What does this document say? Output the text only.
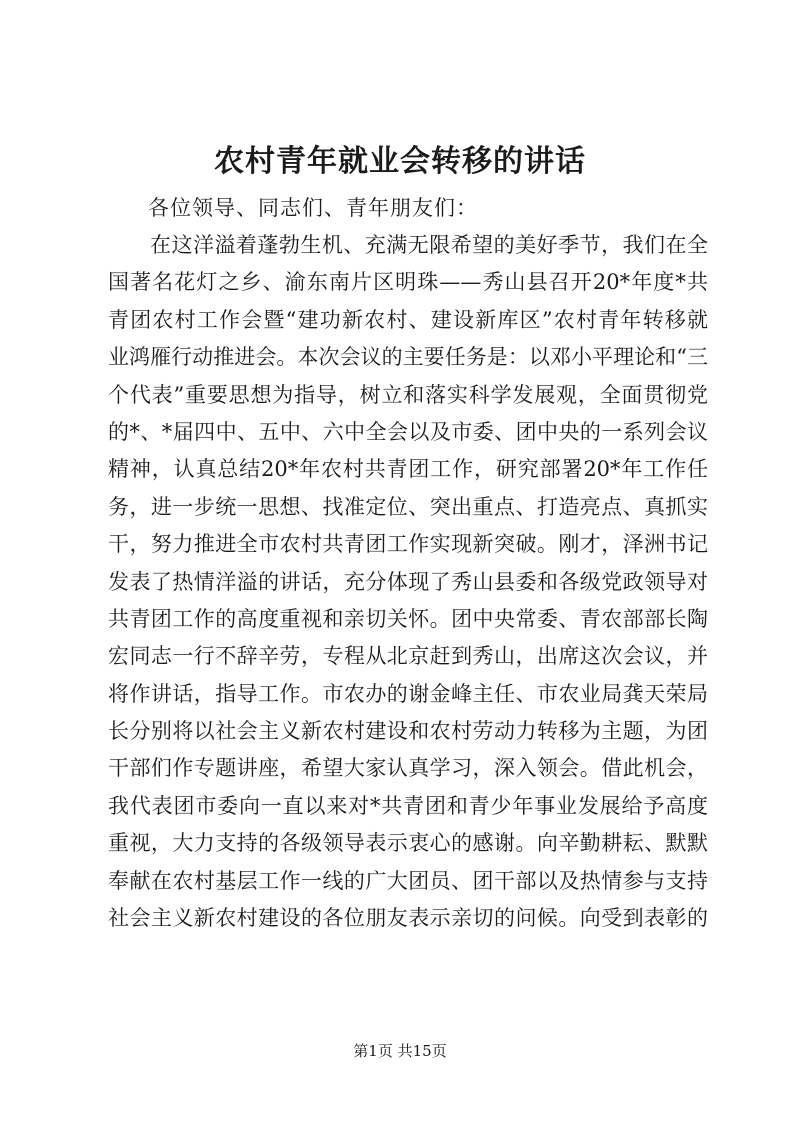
农村青年就业会转移的讲话

各位领导、同志们、青年朋友们：

在这洋溢着蓬勃生机、充满无限希望的美好季节，我们在全
国著名花灯之乡、渝东南片区明珠——秀山县召开20*年度*共
青团农村工作会暨“建功新农村、建设新库区”农村青年转移就
业鸿雁行动推进会。本次会议的主要任务是：以邓小平理论和“三
个代表”重要思想为指导，树立和落实科学发展观，全面贯彻党
的*、*届四中、五中、六中全会以及市委、团中央的一系列会议
精神，认真总结20*年农村共青团工作，研究部署20*年工作任
务，进一步统一思想、找准定位、突出重点、打造亮点、真抓实
干，努力推进全市农村共青团工作实现新突破。刚才，泽洲书记
发表了热情洋溢的讲话，充分体现了秀山县委和各级党政领导对
共青团工作的高度重视和亲切关怀。团中央常委、青农部部长陶
宏同志一行不辞辛劳，专程从北京赶到秀山，出席这次会议，并
将作讲话，指导工作。市农办的谢金峰主任、市农业局龚天荣局
长分别将以社会主义新农村建设和农村劳动力转移为主题，为团
干部们作专题讲座，希望大家认真学习，深入领会。借此机会，
我代表团市委向一直以来对*共青团和青少年事业发展给予高度
重视，大力支持的各级领导表示衷心的感谢。向辛勤耕耘、默默
奉献在农村基层工作一线的广大团员、团干部以及热情参与支持
社会主义新农村建设的各位朋友表示亲切的问候。向受到表彰的

第1页 共15页
